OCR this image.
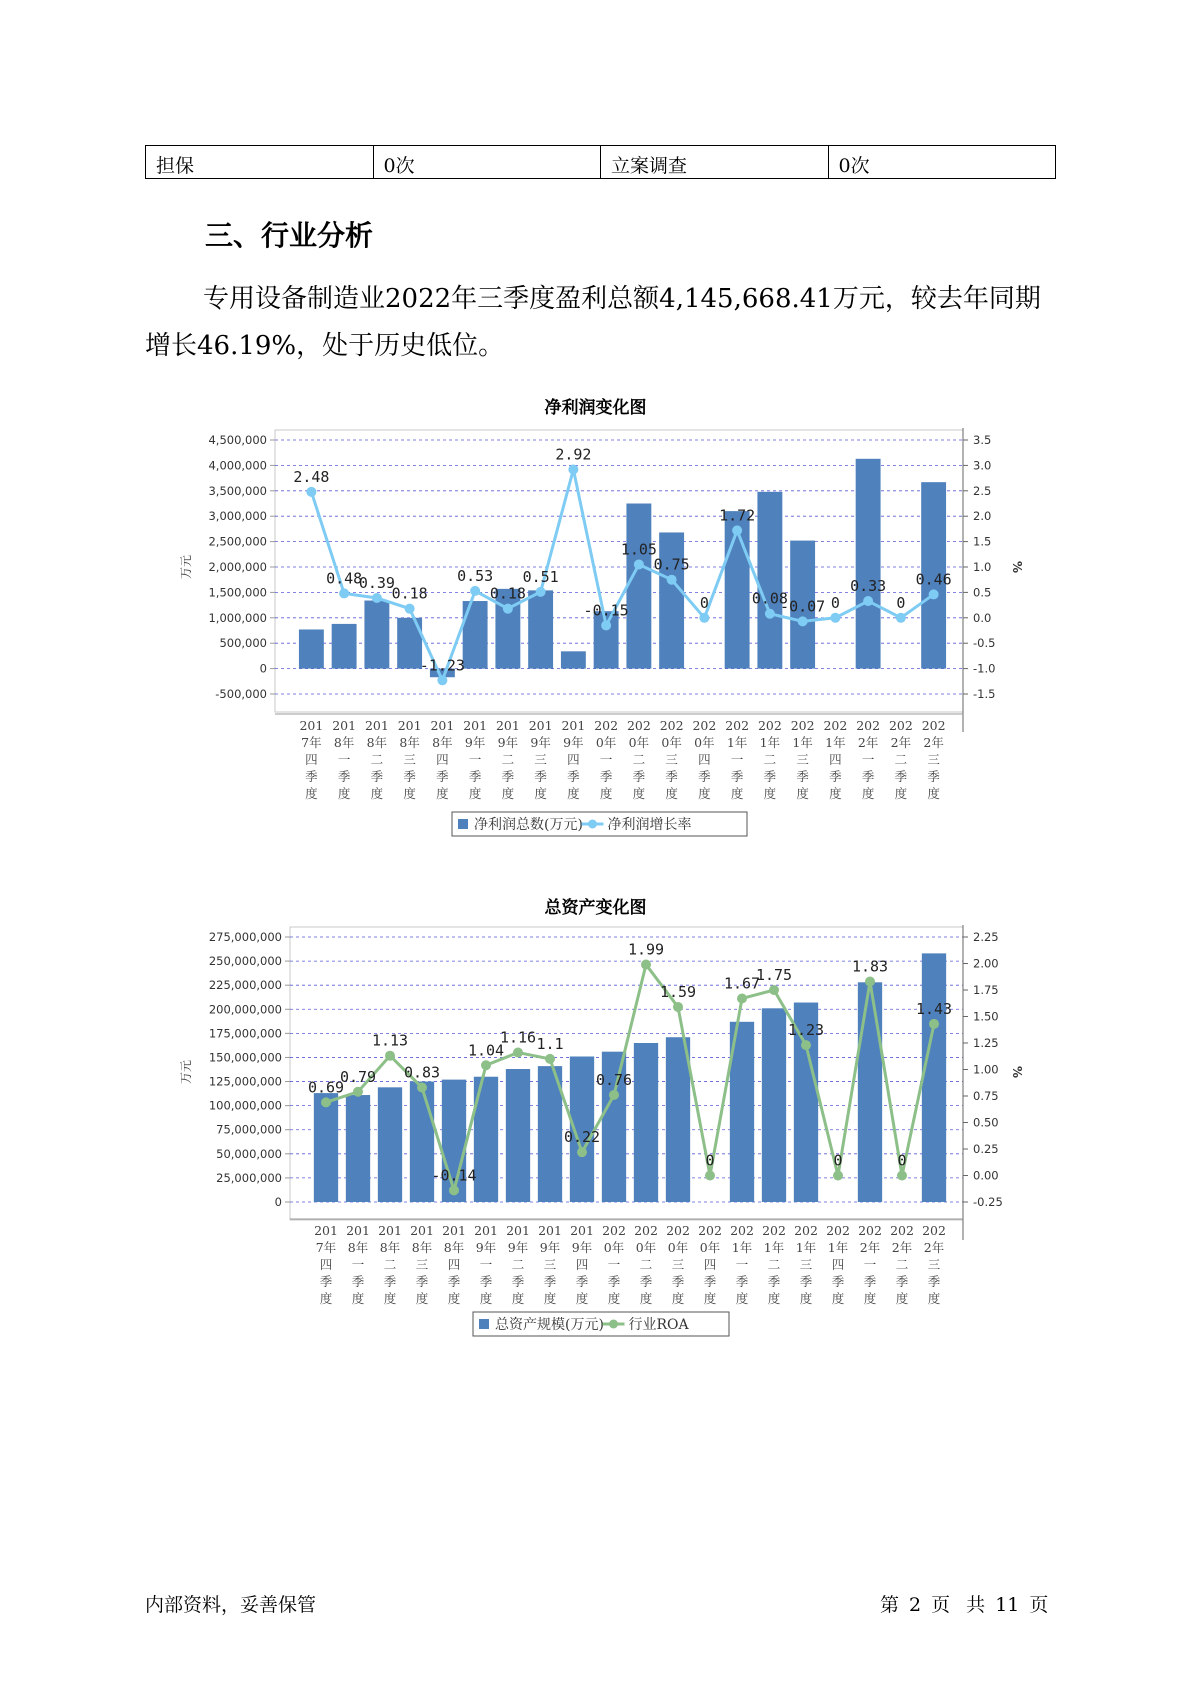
担保	0次	立案调查	0次
三、行业分析
专用设备制造业2022年三季度盈利总额4,145,668.41万元，较去年同期增长46.19%，处于历史低位。
净利润变化图
4,500,000
4,000,000
3,500,000
3,000,000
2,500,000
2,000,000
1,500,000
1,000,000
500,000
0
-500,000
3.5
3.0
2.5
2.0
1.5
1.0
0.5
0.0
-0.5
-1.0
-1.5
万元	%
2.48
0.48
0.39
0.18
-1.23
0.53
0.18
0.51
2.92
-0.15
1.05
0.75
0
1.72
0.08
-0.07 0
0.33
0
0.46
201
7年
四
季
度
201
8年
一
季
度
201
8年
二
季
度
201
8年
三
季
度
201
8年
四
季
度
201
9年
一
季
度
201
9年
二
季
度
201
9年
三
季
度
201
9年
四
季
度
202
0年
一
季
度
202
0年
二
季
度
202
0年
三
季
度
202
0年
四
季
度
202
1年
一
季
度
202
1年
二
季
度
202
1年
三
季
度
202
1年
四
季
度
202
2年
一
季
度
202
2年
二
季
度
202
2年
三
季
度
净利润总数(万元) 净利润增长率
总资产变化图
275,000,000
250,000,000
225,000,000
200,000,000
175,000,000
150,000,000
125,000,000
100,000,000
75,000,000
50,000,000
25,000,000
0
2.25
2.00
1.75
1.50
1.25
1.00
0.75
0.50
0.25
0.00
-0.25
万元	%
0.69
0.79
1.13
0.83
-0.14
1.04
1.16 1.1
0.22
0.76
1.99
1.59
0
1.67
1.75
1.23
0
1.83
0
1.43
201
7年
四
季
度
201
8年
一
季
度
201
8年
二
季
度
201
8年
三
季
度
201
8年
四
季
度
201
9年
一
季
度
201
9年
二
季
度
201
9年
三
季
度
201
9年
四
季
度
202
0年
一
季
度
202
0年
二
季
度
202
0年
三
季
度
202
0年
四
季
度
202
1年
一
季
度
202
1年
二
季
度
202
1年
三
季
度
202
1年
四
季
度
202
2年
一
季
度
202
2年
二
季
度
202
2年
三
季
度
总资产规模(万元) 行业ROA
内部资料，妥善保管	第 2 页 共 11 页
